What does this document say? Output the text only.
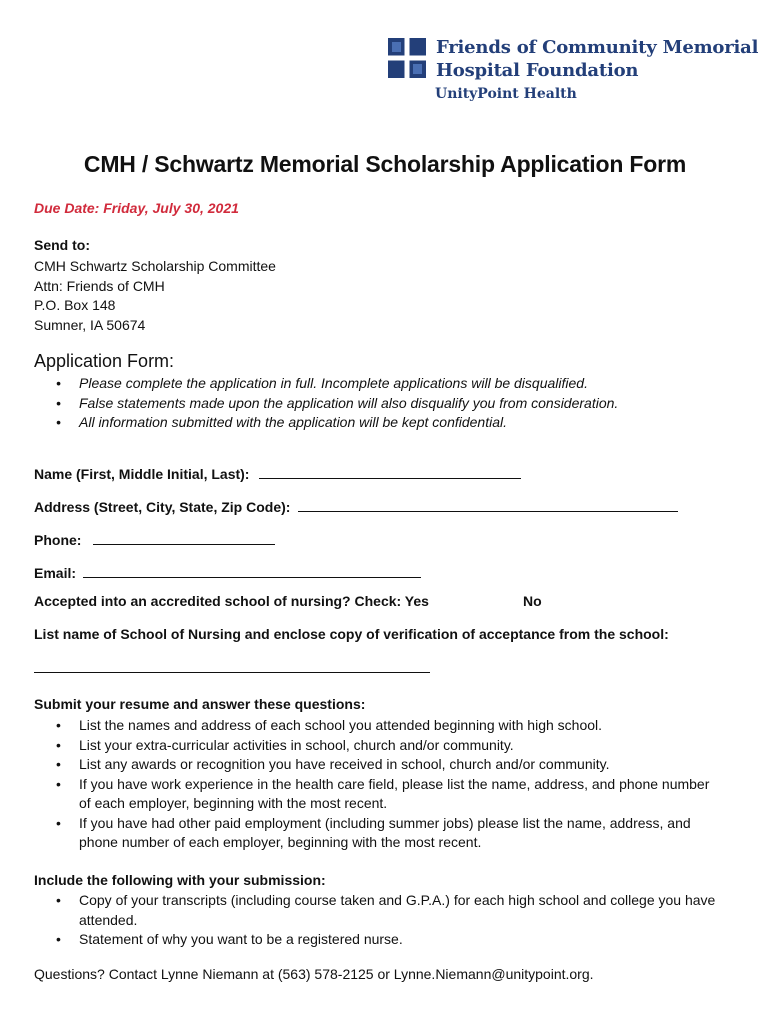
Friends of Community Memorial
Hospital Foundation
UnityPoint Health
CMH / Schwartz Memorial Scholarship Application Form
Due Date: Friday, July 30, 2021
Send to:
CMH Schwartz Scholarship Committee
Attn: Friends of CMH
P.O. Box 148
Sumner, IA 50674
Application Form:
• Please complete the application in full. Incomplete applications will be disqualified.
• False statements made upon the application will also disqualify you from consideration.
• All information submitted with the application will be kept confidential.
Name (First, Middle Initial, Last):
Address (Street, City, State, Zip Code):
Phone:
Email:
Accepted into an accredited school of nursing? Check: Yes	No
List name of School of Nursing and enclose copy of verification of acceptance from the school:
Submit your resume and answer these questions:
• List the names and address of each school you attended beginning with high school.
• List your extra-curricular activities in school, church and/or community.
• List any awards or recognition you have received in school, church and/or community.
• If you have work experience in the health care field, please list the name, address, and phone number of each employer, beginning with the most recent.
• If you have had other paid employment (including summer jobs) please list the name, address, and phone number of each employer, beginning with the most recent.
Include the following with your submission:
• Copy of your transcripts (including course taken and G.P.A.) for each high school and college you have attended.
• Statement of why you want to be a registered nurse.
Questions? Contact Lynne Niemann at (563) 578-2125 or Lynne.Niemann@unitypoint.org.
